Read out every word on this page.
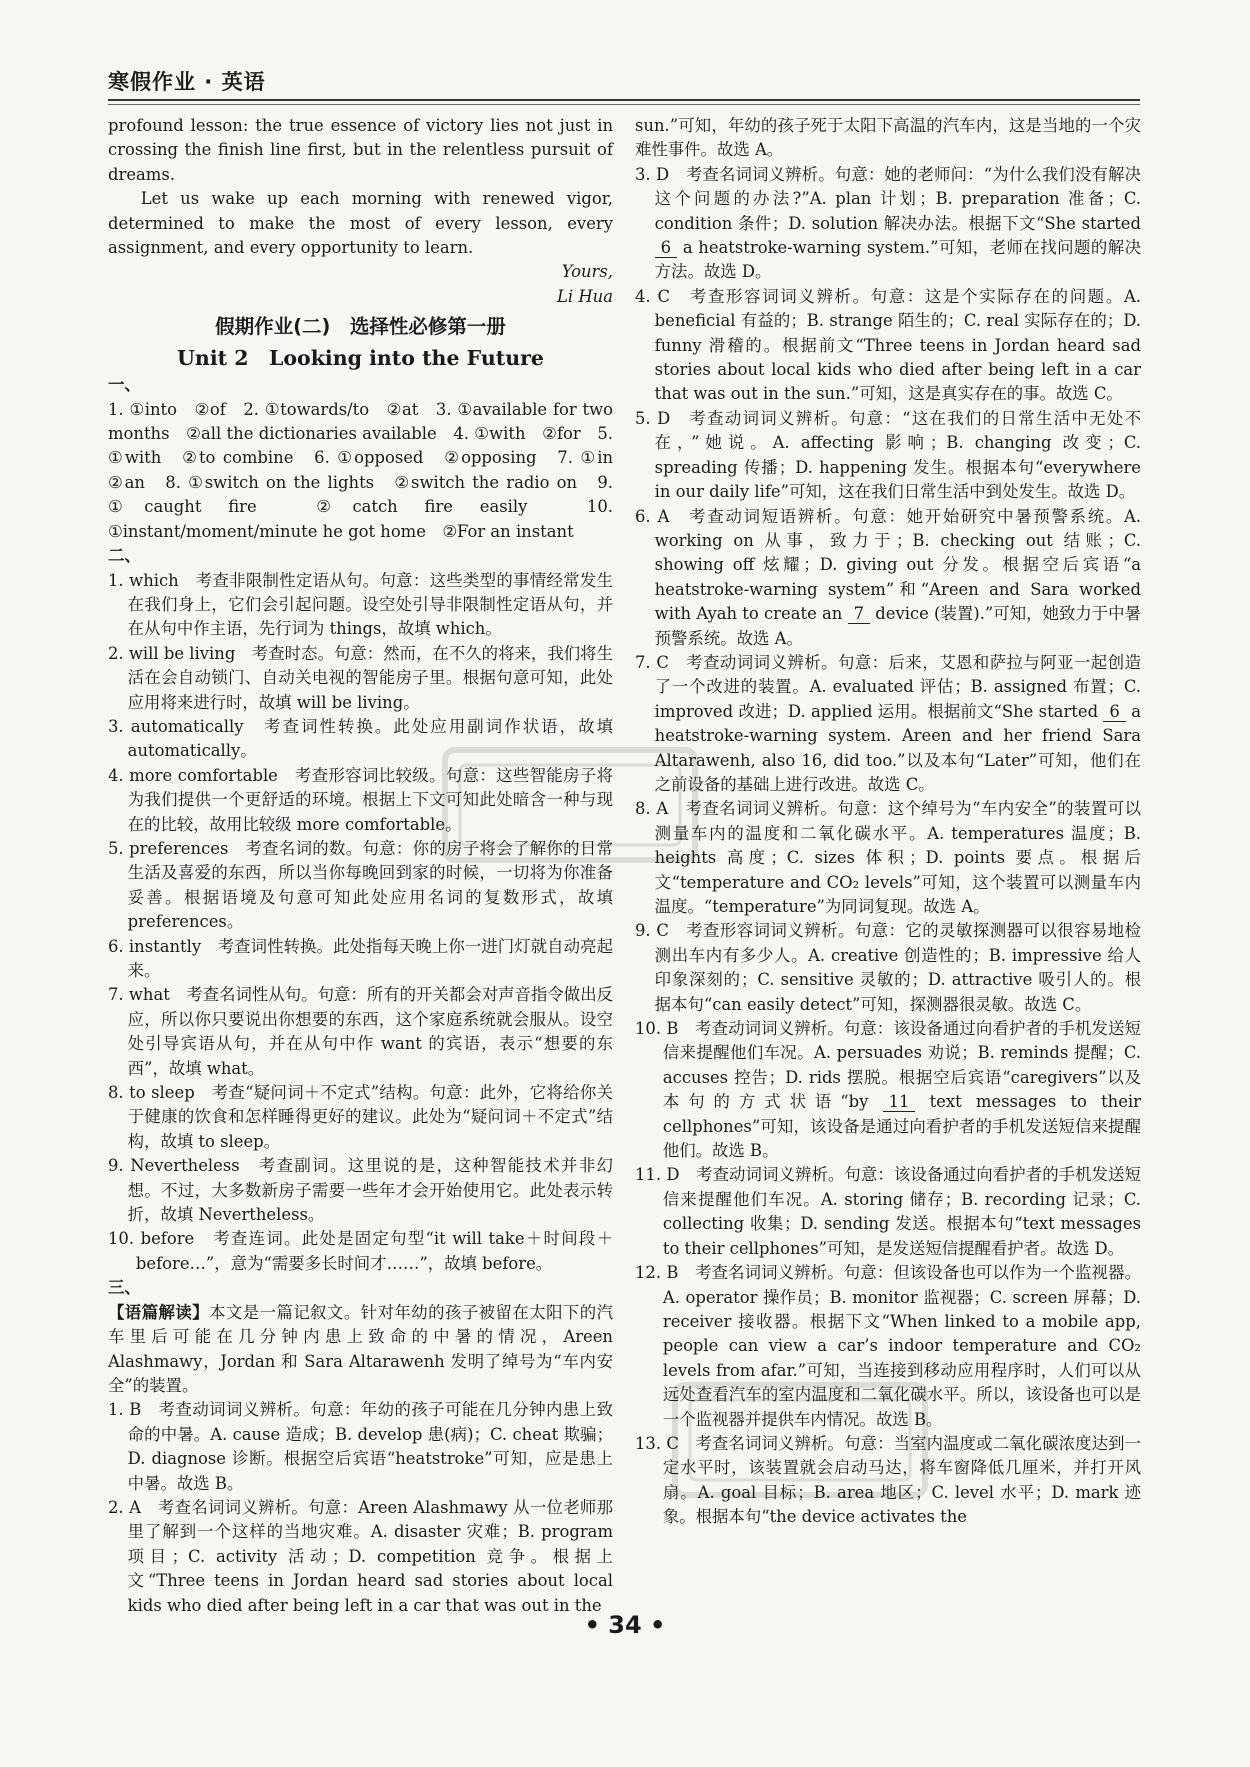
寒假作业 · 英语

profound lesson: the true essence of victory lies not just in crossing the finish line first, but in the relentless pursuit of dreams.

Let us wake up each morning with renewed vigor, determined to make the most of every lesson, every assignment, and every opportunity to learn.

Yours,

Li Hua

假期作业(二)　选择性必修第一册
Unit 2　Looking into the Future

一、

1. ①into　②of　2. ①towards/to　②at　3. ①available for two months　②all the dictionaries available　4. ①with　②for　5. ①with　②to combine　6. ①opposed　②opposing　7. ①in　②an　8. ①switch on the lights　②switch the radio on　9. ①caught fire　②catch fire easily　10. ①instant/moment/minute he got home　②For an instant

二、

1. which　考查非限制性定语从句。句意：这些类型的事情经常发生在我们身上，它们会引起问题。设空处引导非限制性定语从句，并在从句中作主语，先行词为 things，故填 which。

2. will be living　考查时态。句意：然而，在不久的将来，我们将生活在会自动锁门、自动关电视的智能房子里。根据句意可知，此处应用将来进行时，故填 will be living。

3. automatically　考查词性转换。此处应用副词作状语，故填 automatically。

4. more comfortable　考查形容词比较级。句意：这些智能房子将为我们提供一个更舒适的环境。根据上下文可知此处暗含一种与现在的比较，故用比较级 more comfortable。

5. preferences　考查名词的数。句意：你的房子将会了解你的日常生活及喜爱的东西，所以当你每晚回到家的时候，一切将为你准备妥善。根据语境及句意可知此处应用名词的复数形式，故填 preferences。

6. instantly　考查词性转换。此处指每天晚上你一进门灯就自动亮起来。

7. what　考查名词性从句。句意：所有的开关都会对声音指令做出反应，所以你只要说出你想要的东西，这个家庭系统就会服从。设空处引导宾语从句，并在从句中作 want 的宾语，表示“想要的东西”，故填 what。

8. to sleep　考查“疑问词＋不定式”结构。句意：此外，它将给你关于健康的饮食和怎样睡得更好的建议。此处为“疑问词＋不定式”结构，故填 to sleep。

9. Nevertheless　考查副词。这里说的是，这种智能技术并非幻想。不过，大多数新房子需要一些年才会开始使用它。此处表示转折，故填 Nevertheless。

10. before　考查连词。此处是固定句型“it will take＋时间段＋before…”，意为“需要多长时间才……”，故填 before。

三、

【语篇解读】本文是一篇记叙文。针对年幼的孩子被留在太阳下的汽车里后可能在几分钟内患上致命的中暑的情况，Areen Alashmawy，Jordan 和 Sara Altarawenh 发明了绰号为“车内安全”的装置。

1. B　考查动词词义辨析。句意：年幼的孩子可能在几分钟内患上致命的中暑。A. cause 造成；B. develop 患(病)；C. cheat 欺骗；D. diagnose 诊断。根据空后宾语“heatstroke”可知，应是患上中暑。故选 B。

2. A　考查名词词义辨析。句意：Areen Alashmawy 从一位老师那里了解到一个这样的当地灾难。A. disaster 灾难；B. program 项目；C. activity 活动；D. competition 竞争。根据上文“Three teens in Jordan heard sad stories about local kids who died after being left in a car that was out in the

sun.”可知，年幼的孩子死于太阳下高温的汽车内，这是当地的一个灾难性事件。故选 A。

3. D　考查名词词义辨析。句意：她的老师问：“为什么我们没有解决这个问题的办法?”A. plan 计划；B. preparation 准备；C. condition 条件；D. solution 解决办法。根据下文“She started 6 a heatstroke-warning system.”可知，老师在找问题的解决方法。故选 D。

4. C　考查形容词词义辨析。句意：这是个实际存在的问题。A. beneficial 有益的；B. strange 陌生的；C. real 实际存在的；D. funny 滑稽的。根据前文“Three teens in Jordan heard sad stories about local kids who died after being left in a car that was out in the sun.”可知，这是真实存在的事。故选 C。

5. D　考查动词词义辨析。句意：“这在我们的日常生活中无处不在，”她说。A. affecting 影响；B. changing 改变；C. spreading 传播；D. happening 发生。根据本句“everywhere in our daily life”可知，这在我们日常生活中到处发生。故选 D。

6. A　考查动词短语辨析。句意：她开始研究中暑预警系统。A. working on 从事，致力于；B. checking out 结账；C. showing off 炫耀；D. giving out 分发。根据空后宾语“a heatstroke-warning system”和“Areen and Sara worked with Ayah to create an 7 device (装置).”可知，她致力于中暑预警系统。故选 A。

7. C　考查动词词义辨析。句意：后来，艾恩和萨拉与阿亚一起创造了一个改进的装置。A. evaluated 评估；B. assigned 布置；C. improved 改进；D. applied 运用。根据前文“She started 6 a heatstroke-warning system. Areen and her friend Sara Altarawenh, also 16, did too.”以及本句“Later”可知，他们在之前设备的基础上进行改进。故选 C。

8. A　考查名词词义辨析。句意：这个绰号为“车内安全”的装置可以测量车内的温度和二氧化碳水平。A. temperatures 温度；B. heights 高度；C. sizes 体积；D. points 要点。根据后文“temperature and CO₂ levels”可知，这个装置可以测量车内温度。“temperature”为同词复现。故选 A。

9. C　考查形容词词义辨析。句意：它的灵敏探测器可以很容易地检测出车内有多少人。A. creative 创造性的；B. impressive 给人印象深刻的；C. sensitive 灵敏的；D. attractive 吸引人的。根据本句“can easily detect”可知，探测器很灵敏。故选 C。

10. B　考查动词词义辨析。句意：该设备通过向看护者的手机发送短信来提醒他们车况。A. persuades 劝说；B. reminds 提醒；C. accuses 控告；D. rids 摆脱。根据空后宾语“caregivers”以及本句的方式状语“by 11 text messages to their cellphones”可知，该设备是通过向看护者的手机发送短信来提醒他们。故选 B。

11. D　考查动词词义辨析。句意：该设备通过向看护者的手机发送短信来提醒他们车况。A. storing 储存；B. recording 记录；C. collecting 收集；D. sending 发送。根据本句“text messages to their cellphones”可知，是发送短信提醒看护者。故选 D。

12. B　考查名词词义辨析。句意：但该设备也可以作为一个监视器。A. operator 操作员；B. monitor 监视器；C. screen 屏幕；D. receiver 接收器。根据下文“When linked to a mobile app, people can view a car’s indoor temperature and CO₂ levels from afar.”可知，当连接到移动应用程序时，人们可以从远处查看汽车的室内温度和二氧化碳水平。所以，该设备也可以是一个监视器并提供车内情况。故选 B。

13. C　考查名词词义辨析。句意：当室内温度或二氧化碳浓度达到一定水平时，该装置就会启动马达，将车窗降低几厘米，并打开风扇。A. goal 目标；B. area 地区；C. level 水平；D. mark 迹象。根据本句“the device activates the

• 34 •
